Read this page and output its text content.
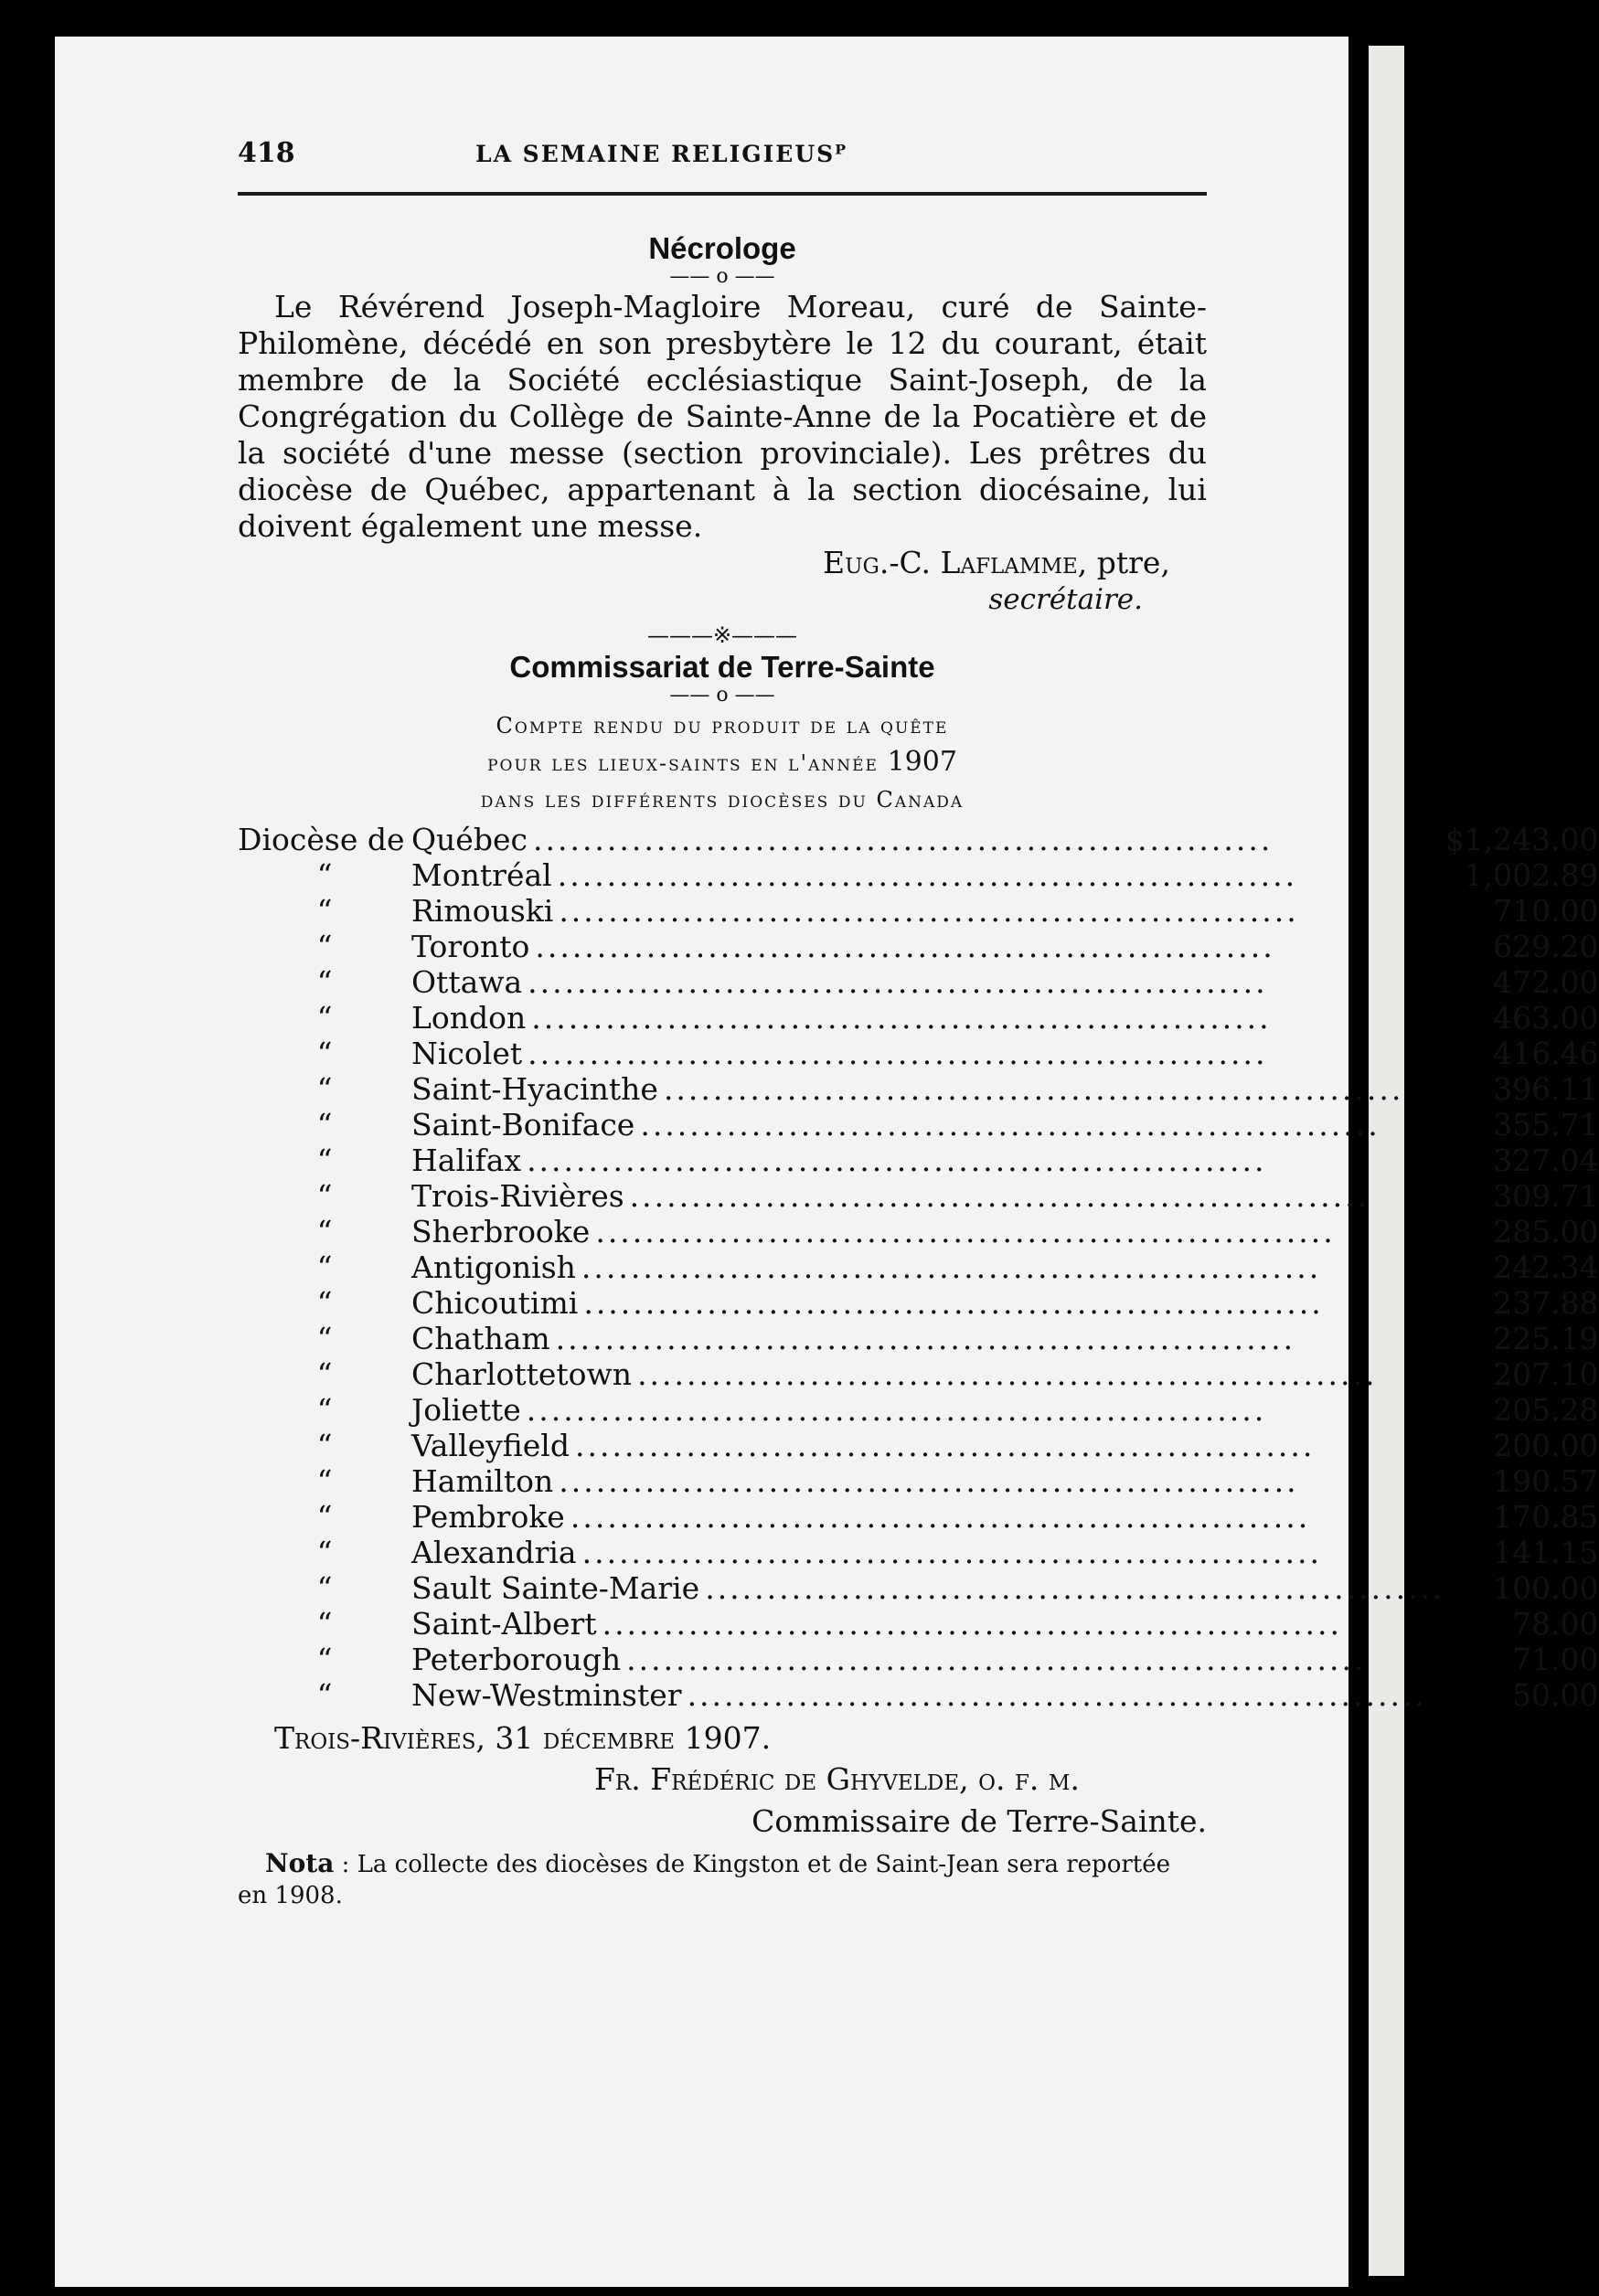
418	LA SEMAINE RELIGIEUSᴾ
Nécrologe
—— o ——

Le Révérend Joseph-Magloire Moreau, curé de Sainte-Philomène, décédé en son presbytère le 12 du courant, était membre de la Société ecclésiastique Saint-Joseph, de la Congrégation du Collège de Sainte-Anne de la Pocatière et de la société d'une messe (section provinciale). Les prêtres du diocèse de Québec, appartenant à la section diocésaine, lui doivent également une messe.

Eug.-C. Laflamme, ptre,
secrétaire.
———※———
Commissariat de Terre-Sainte
—— o ——
Compte rendu du produit de la quête
pour les lieux-saints en l'année 1907
dans les différents diocèses du Canada
Diocèse de	Québec ............................................................	$1,243.00
“	Montréal ............................................................	1,002.89
“	Rimouski ............................................................	710.00
“	Toronto ............................................................	629.20
“	Ottawa ............................................................	472.00
“	London ............................................................	463.00
“	Nicolet ............................................................	416.46
“	Saint-Hyacinthe ............................................................	396.11
“	Saint-Boniface ............................................................	355.71
“	Halifax ............................................................	327.04
“	Trois-Rivières ............................................................	309.71
“	Sherbrooke ............................................................	285.00
“	Antigonish ............................................................	242.34
“	Chicoutimi ............................................................	237.88
“	Chatham ............................................................	225.19
“	Charlottetown ............................................................	207.10
“	Joliette ............................................................	205.28
“	Valleyfield ............................................................	200.00
“	Hamilton ............................................................	190.57
“	Pembroke ............................................................	170.85
“	Alexandria ............................................................	141.15
“	Sault Sainte-Marie ............................................................	100.00
“	Saint-Albert ............................................................	78.00
“	Peterborough ............................................................	71.00
“	New-Westminster ............................................................	50.00
Trois-Rivières, 31 décembre 1907.
Fr. Frédéric de Ghyvelde, o. f. m.
Commissaire de Terre-Sainte.
Nota : La collecte des diocèses de Kingston et de Saint-Jean sera reportée en 1908.
